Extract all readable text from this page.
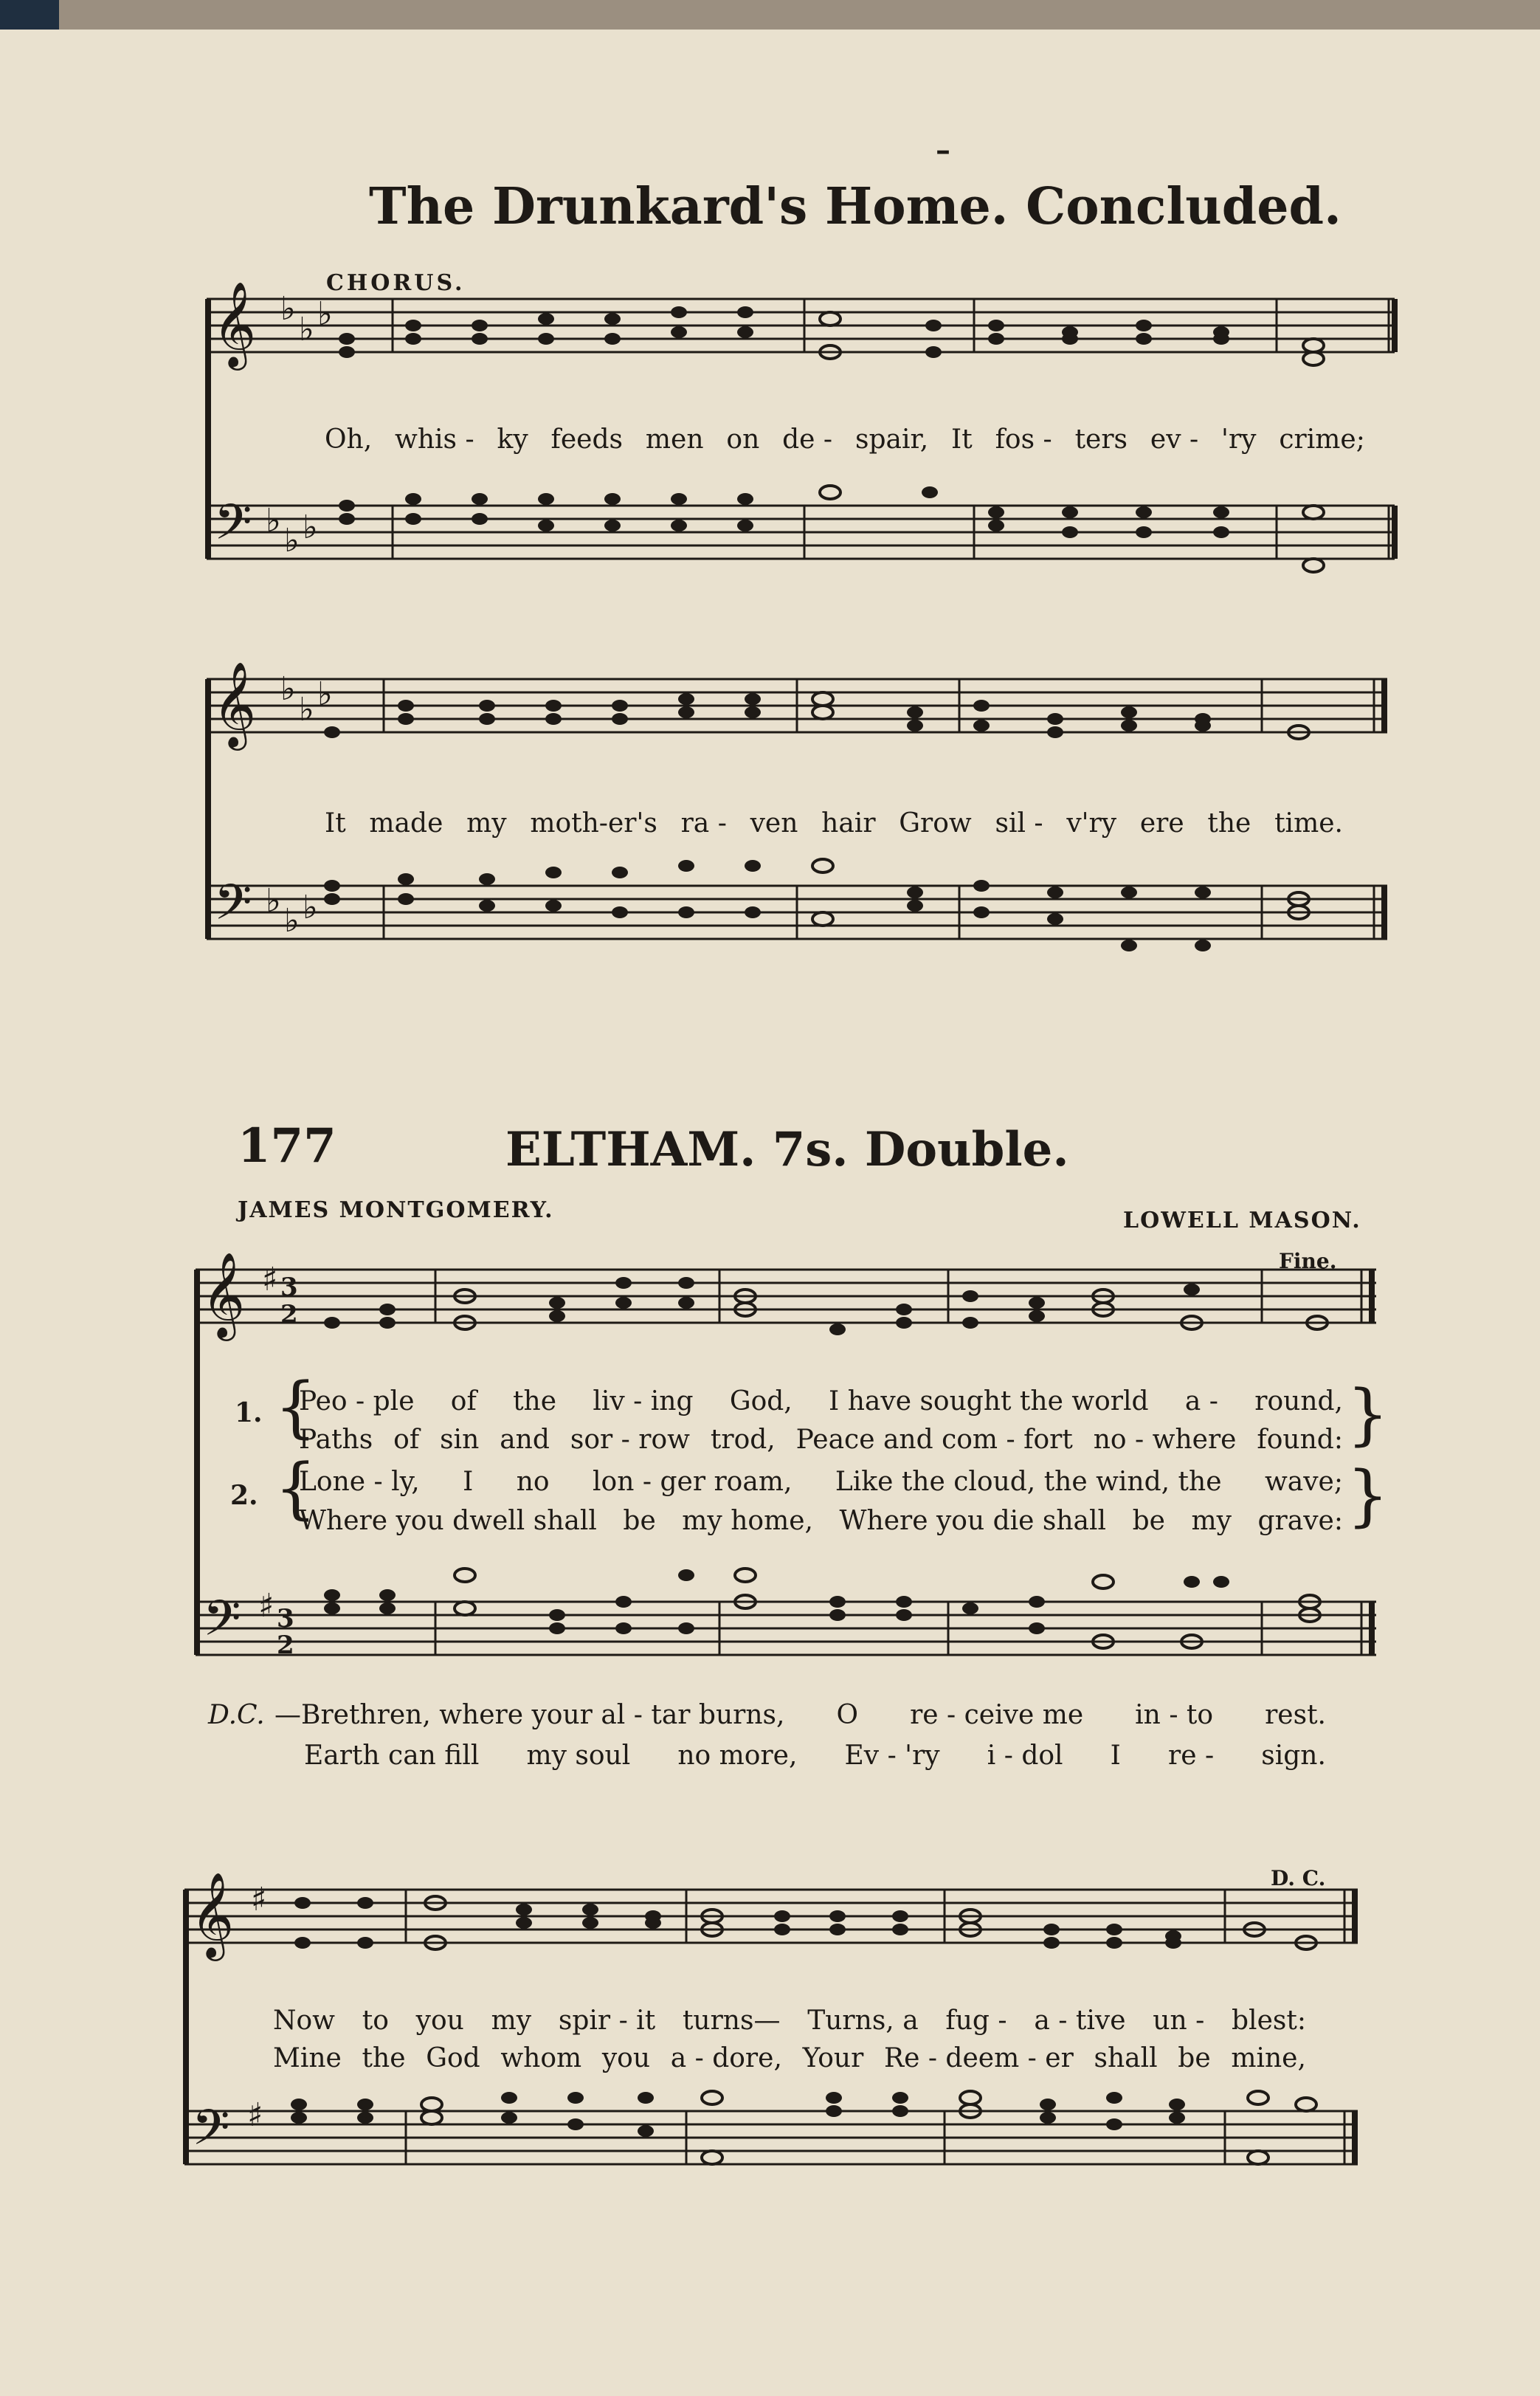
–
The Drunkard's Home. Concluded.
CHORUS.
𝄞
𝄢
♭
♭ ♭
♭
♭ ♭
Oh, whis - ky feeds men on de - spair, It fos - ters ev - 'ry crime;
𝄞
𝄢
♭
♭ ♭
♭
♭ ♭
It made my moth-er's ra - ven hair Grow sil - v'ry ere the time.
177	ELTHAM. 7s. Double.
JAMES MONTGOMERY.	LOWELL MASON.
Fine.
𝄞
𝄢
♯
♯
3
2
3
2
1.
2.
{
{
}
}
Peo - ple of the liv - ing God, I have sought the world a - round,
Paths of sin and sor - row trod, Peace and com - fort no - where found:
Lone - ly, I no lon - ger roam, Like the cloud, the wind, the wave;
Where you dwell shall be my home, Where you die shall be my grave:
D.C. —Brethren, where your al - tar burns, O re - ceive me in - to rest.
Earth can fill my soul no more, Ev - 'ry i - dol I re - sign.
D. C.
𝄞
𝄢
♯
♯
Now to you my spir - it turns— Turns, a fug - a - tive un - blest:
Mine the God whom you a - dore, Your Re - deem - er shall be mine,
